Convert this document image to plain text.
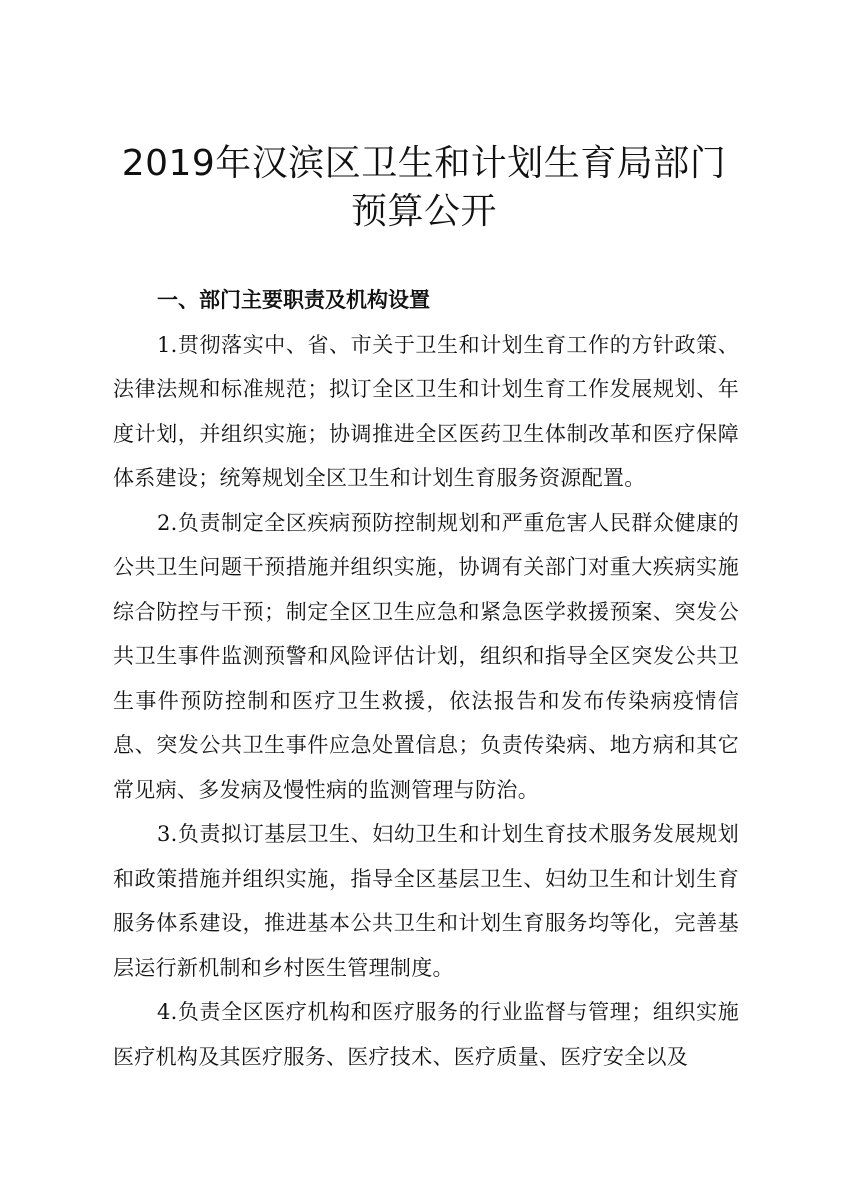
2019年汉滨区卫生和计划生育局部门
预算公开

一、部门主要职责及机构设置

1.贯彻落实中、省、市关于卫生和计划生育工作的方针政策、法律法规和标准规范；拟订全区卫生和计划生育工作发展规划、年度计划，并组织实施；协调推进全区医药卫生体制改革和医疗保障体系建设；统筹规划全区卫生和计划生育服务资源配置。

2.负责制定全区疾病预防控制规划和严重危害人民群众健康的公共卫生问题干预措施并组织实施，协调有关部门对重大疾病实施综合防控与干预；制定全区卫生应急和紧急医学救援预案、突发公共卫生事件监测预警和风险评估计划，组织和指导全区突发公共卫生事件预防控制和医疗卫生救援，依法报告和发布传染病疫情信息、突发公共卫生事件应急处置信息；负责传染病、地方病和其它常见病、多发病及慢性病的监测管理与防治。

3.负责拟订基层卫生、妇幼卫生和计划生育技术服务发展规划和政策措施并组织实施，指导全区基层卫生、妇幼卫生和计划生育服务体系建设，推进基本公共卫生和计划生育服务均等化，完善基层运行新机制和乡村医生管理制度。

4.负责全区医疗机构和医疗服务的行业监督与管理；组织实施医疗机构及其医疗服务、医疗技术、医疗质量、医疗安全以及
